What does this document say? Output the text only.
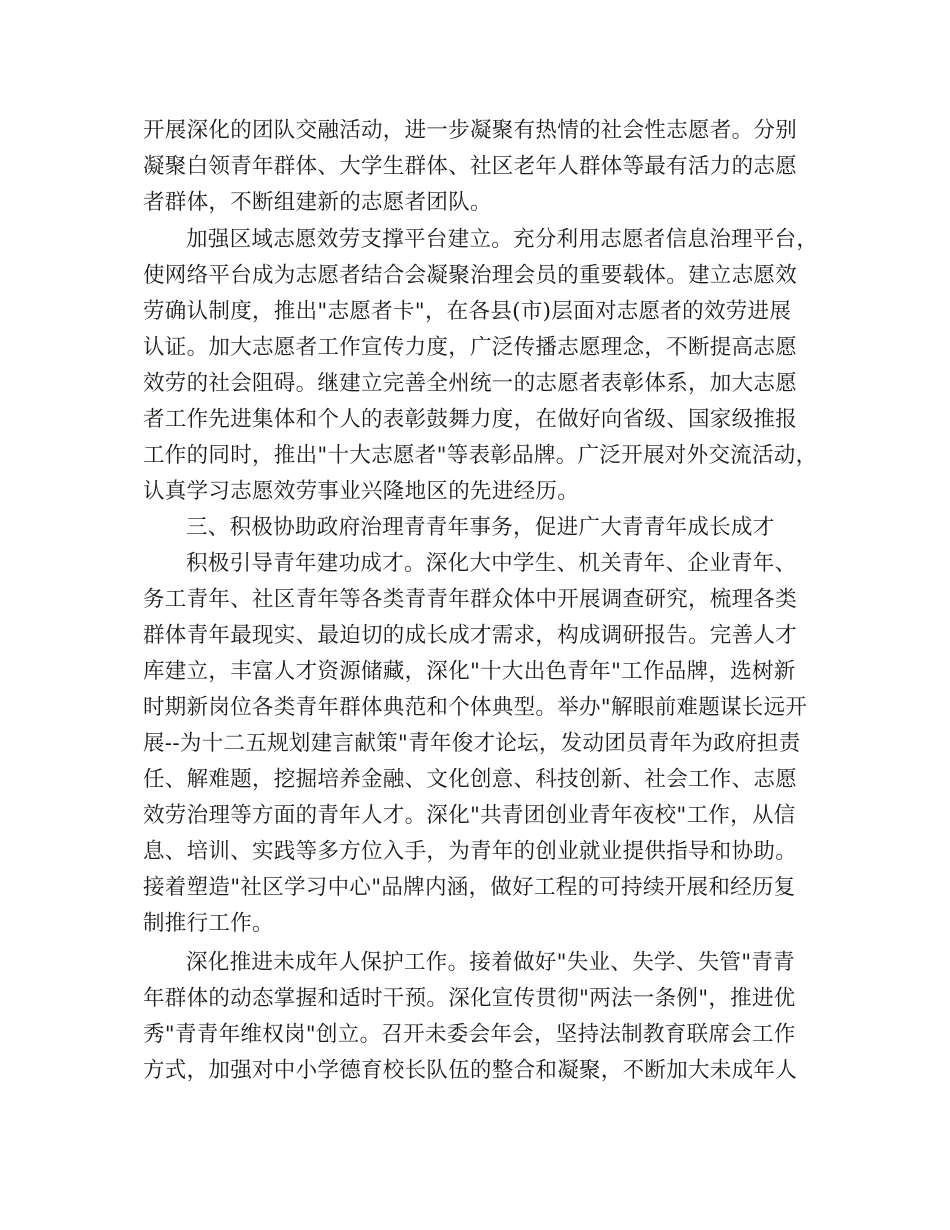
开展深化的团队交融活动，进一步凝聚有热情的社会性志愿者。分别
凝聚白领青年群体、大学生群体、社区老年人群体等最有活力的志愿
者群体，不断组建新的志愿者团队。
加强区域志愿效劳支撑平台建立。充分利用志愿者信息治理平台，
使网络平台成为志愿者结合会凝聚治理会员的重要载体。建立志愿效
劳确认制度，推出"志愿者卡"，在各县(市)层面对志愿者的效劳进展
认证。加大志愿者工作宣传力度，广泛传播志愿理念，不断提高志愿
效劳的社会阻碍。继建立完善全州统一的志愿者表彰体系，加大志愿
者工作先进集体和个人的表彰鼓舞力度，在做好向省级、国家级推报
工作的同时，推出"十大志愿者"等表彰品牌。广泛开展对外交流活动，
认真学习志愿效劳事业兴隆地区的先进经历。
三、积极协助政府治理青青年事务，促进广大青青年成长成才
积极引导青年建功成才。深化大中学生、机关青年、企业青年、
务工青年、社区青年等各类青青年群众体中开展调查研究，梳理各类
群体青年最现实、最迫切的成长成才需求，构成调研报告。完善人才
库建立，丰富人才资源储藏，深化"十大出色青年"工作品牌，选树新
时期新岗位各类青年群体典范和个体典型。举办"解眼前难题谋长远开
展--为十二五规划建言献策"青年俊才论坛，发动团员青年为政府担责
任、解难题，挖掘培养金融、文化创意、科技创新、社会工作、志愿
效劳治理等方面的青年人才。深化"共青团创业青年夜校"工作，从信
息、培训、实践等多方位入手，为青年的创业就业提供指导和协助。
接着塑造"社区学习中心"品牌内涵，做好工程的可持续开展和经历复
制推行工作。
深化推进未成年人保护工作。接着做好"失业、失学、失管"青青
年群体的动态掌握和适时干预。深化宣传贯彻"两法一条例"，推进优
秀"青青年维权岗"创立。召开未委会年会，坚持法制教育联席会工作
方式，加强对中小学德育校长队伍的整合和凝聚，不断加大未成年人
